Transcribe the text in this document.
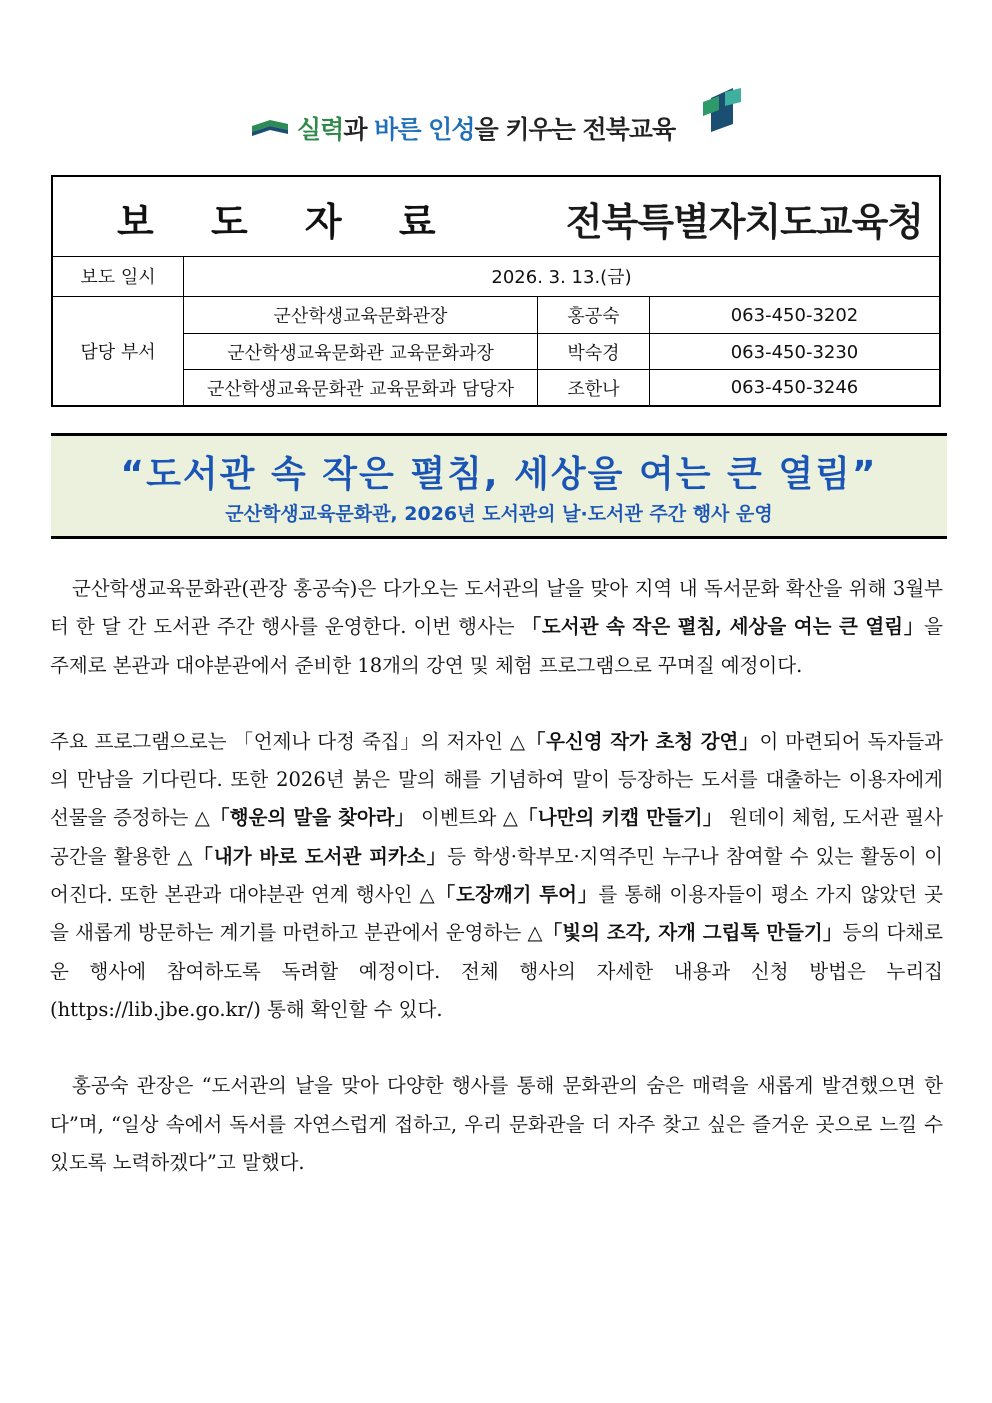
실력과 바른 인성을 키우는 전북교육
보 도 자 료	전북특별자치도교육청
보도 일시	2026. 3. 13.(금)
담당 부서
군산학생교육문화관장	홍공숙	063-450-3202
군산학생교육문화관 교육문화과장	박숙경	063-450-3230
군산학생교육문화관 교육문화과 담당자	조한나	063-450-3246
“도서관 속 작은 펼침, 세상을 여는 큰 열림”
군산학생교육문화관, 2026년 도서관의 날·도서관 주간 행사 운영

군산학생교육문화관(관장 홍공숙)은 다가오는 도서관의 날을 맞아 지역 내 독서문화 확산을 위해 3월부터 한 달 간 도서관 주간 행사를 운영한다. 이번 행사는 「도서관 속 작은 펼침, 세상을 여는 큰 열림」을 주제로 본관과 대야분관에서 준비한 18개의 강연 및 체험 프로그램으로 꾸며질 예정이다.

주요 프로그램으로는 「언제나 다정 죽집」의 저자인 △「우신영 작가 초청 강연」이 마련되어 독자들과의 만남을 기다린다. 또한 2026년 붉은 말의 해를 기념하여 말이 등장하는 도서를 대출하는 이용자에게 선물을 증정하는 △「행운의 말을 찾아라」 이벤트와 △「나만의 키캡 만들기」 원데이 체험, 도서관 필사 공간을 활용한 △「내가 바로 도서관 피카소」등 학생·학부모·지역주민 누구나 참여할 수 있는 활동이 이어진다. 또한 본관과 대야분관 연계 행사인 △「도장깨기 투어」를 통해 이용자들이 평소 가지 않았던 곳을 새롭게 방문하는 계기를 마련하고 분관에서 운영하는 △「빛의 조각, 자개 그립톡 만들기」등의 다채로운 행사에 참여하도록 독려할 예정이다. 전체 행사의 자세한 내용과 신청 방법은 누리집(https://lib.jbe.go.kr/) 통해 확인할 수 있다.

홍공숙 관장은 “도서관의 날을 맞아 다양한 행사를 통해 문화관의 숨은 매력을 새롭게 발견했으면 한다”며, “일상 속에서 독서를 자연스럽게 접하고, 우리 문화관을 더 자주 찾고 싶은 즐거운 곳으로 느낄 수 있도록 노력하겠다”고 말했다.
